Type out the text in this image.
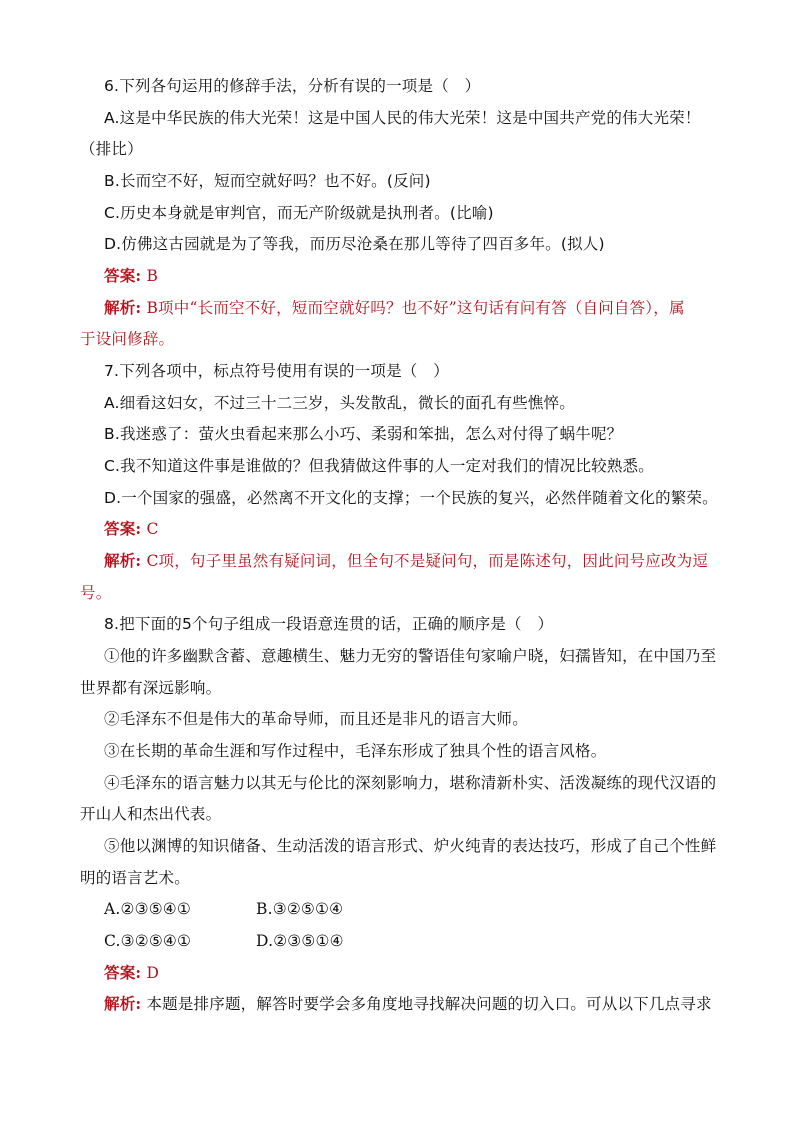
6.下列各句运用的修辞手法，分析有误的一项是（　）
A.这是中华民族的伟大光荣！这是中国人民的伟大光荣！这是中国共产党的伟大光荣！
（排比）
B.长而空不好，短而空就好吗？也不好。(反问)
C.历史本身就是审判官，而无产阶级就是执刑者。(比喻)
D.仿佛这古园就是为了等我，而历尽沧桑在那儿等待了四百多年。(拟人)
答案: B
解析: B项中“长而空不好，短而空就好吗？也不好”这句话有问有答（自问自答），属
于设问修辞。
7.下列各项中，标点符号使用有误的一项是（　）
A.细看这妇女，不过三十二三岁，头发散乱，微长的面孔有些憔悴。
B.我迷惑了：萤火虫看起来那么小巧、柔弱和笨拙，怎么对付得了蜗牛呢？
C.我不知道这件事是谁做的？但我猜做这件事的人一定对我们的情况比较熟悉。
D.一个国家的强盛，必然离不开文化的支撑；一个民族的复兴，必然伴随着文化的繁荣。
答案: C
解析: C项，句子里虽然有疑问词，但全句不是疑问句，而是陈述句，因此问号应改为逗
号。
8.把下面的5个句子组成一段语意连贯的话，正确的顺序是（　）
①他的许多幽默含蓄、意趣横生、魅力无穷的警语佳句家喻户晓，妇孺皆知，在中国乃至
世界都有深远影响。
②毛泽东不但是伟大的革命导师，而且还是非凡的语言大师。
③在长期的革命生涯和写作过程中，毛泽东形成了独具个性的语言风格。
④毛泽东的语言魅力以其无与伦比的深刻影响力，堪称清新朴实、活泼凝练的现代汉语的
开山人和杰出代表。
⑤他以渊博的知识储备、生动活泼的语言形式、炉火纯青的表达技巧，形成了自己个性鲜
明的语言艺术。
A.②③⑤④①	B.③②⑤①④
C.③②⑤④①	D.②③⑤①④
答案: D
解析: 本题是排序题，解答时要学会多角度地寻找解决问题的切入口。可从以下几点寻求
